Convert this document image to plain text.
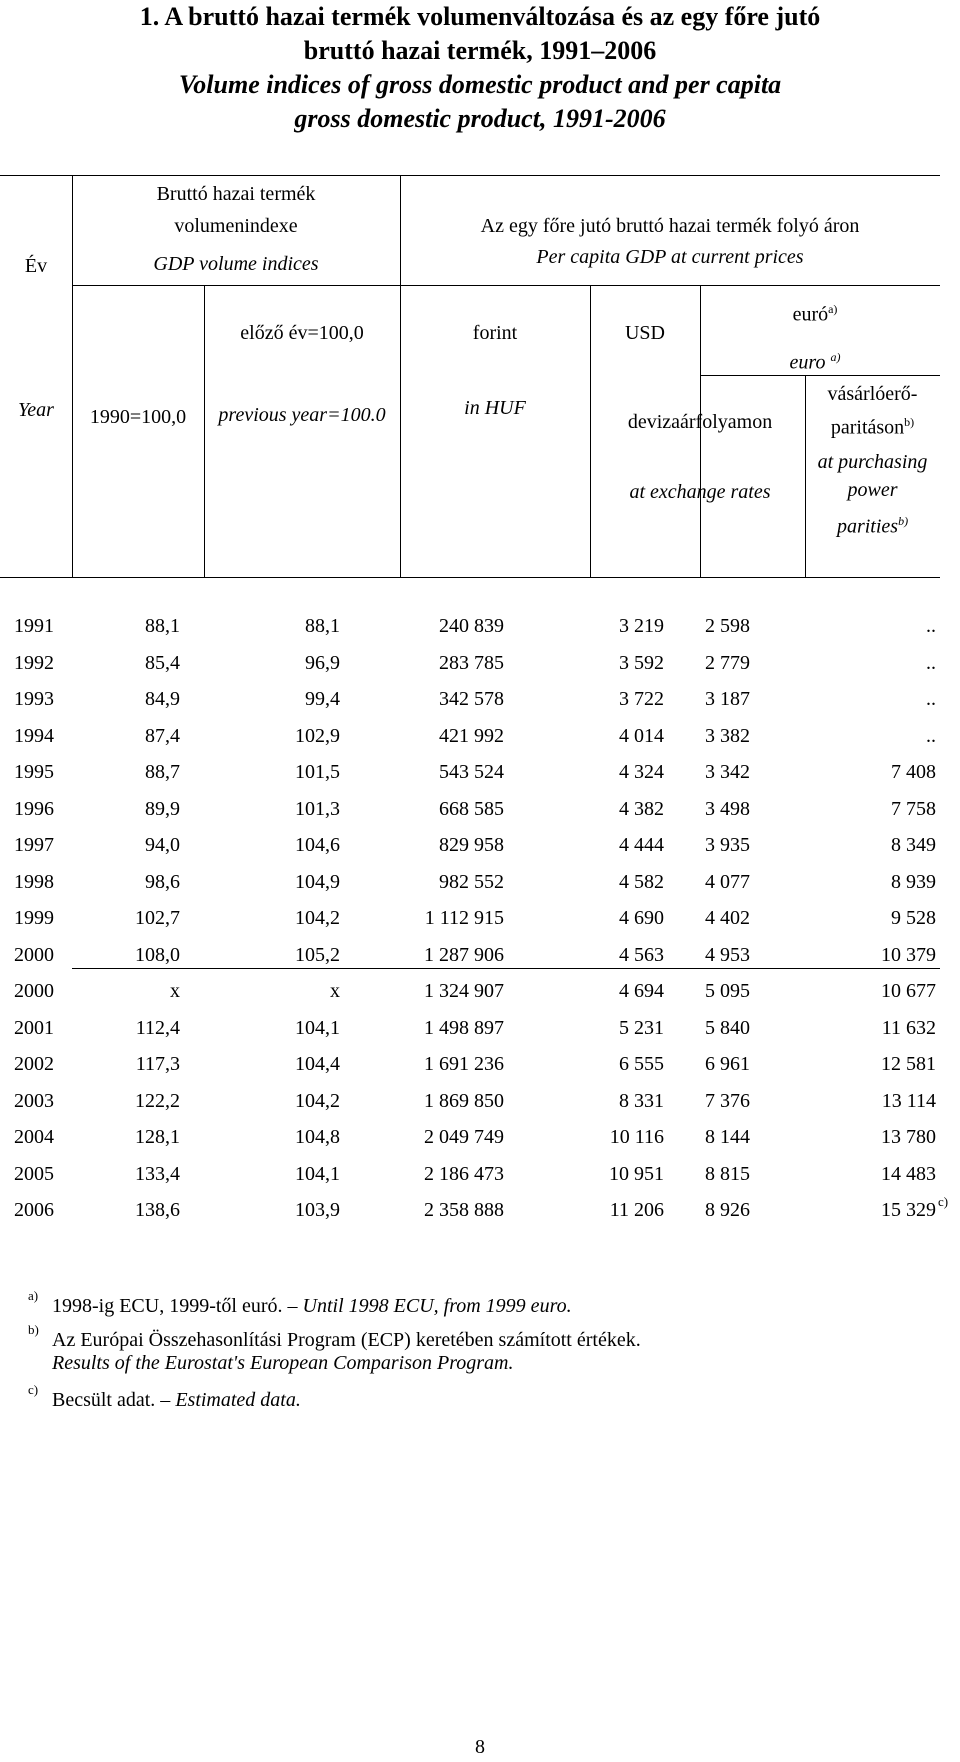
1. A bruttó hazai termék volumenváltozása és az egy főre jutó
bruttó hazai termék, 1991–2006
Volume indices of gross domestic product and per capita
gross domestic product, 1991-2006
Év
Year
Bruttó hazai termék
volumenindexe
GDP volume indices
Az egy főre jutó bruttó hazai termék folyó áron
Per capita GDP at current prices
1990=100,0
előző év=100,0
previous year=100.0
forint
in HUF
USD
devizaárfolyamon
at exchange rates
euró$^{a)}$
euro $^{a)}$
vásárlóerő-
paritáson$^{b)}$
at purchasing
power
parities$^{b)}$
1991	88,1	88,1	240 839	3 219	2 598	..
1992	85,4	96,9	283 785	3 592	2 779	..
1993	84,9	99,4	342 578	3 722	3 187	..
1994	87,4	102,9	421 992	4 014	3 382	..
1995	88,7	101,5	543 524	4 324	3 342	7 408
1996	89,9	101,3	668 585	4 382	3 498	7 758
1997	94,0	104,6	829 958	4 444	3 935	8 349
1998	98,6	104,9	982 552	4 582	4 077	8 939
1999	102,7	104,2	1 112 915	4 690	4 402	9 528
2000	108,0	105,2	1 287 906	4 563	4 953	10 379
2000	x	x	1 324 907	4 694	5 095	10 677
2001	112,4	104,1	1 498 897	5 231	5 840	11 632
2002	117,3	104,4	1 691 236	6 555	6 961	12 581
2003	122,2	104,2	1 869 850	8 331	7 376	13 114
2004	128,1	104,8	2 049 749	10 116	8 144	13 780
2005	133,4	104,1	2 186 473	10 951	8 815	14 483
2006	138,6	103,9	2 358 888	11 206	8 926	15 329 c)
a) 1998-ig ECU, 1999-től euró. – Until 1998 ECU, from 1999 euro.
b) Az Európai Összehasonlítási Program (ECP) keretében számított értékek.
Results of the Eurostat's European Comparison Program.
c) Becsült adat. – Estimated data.
8
